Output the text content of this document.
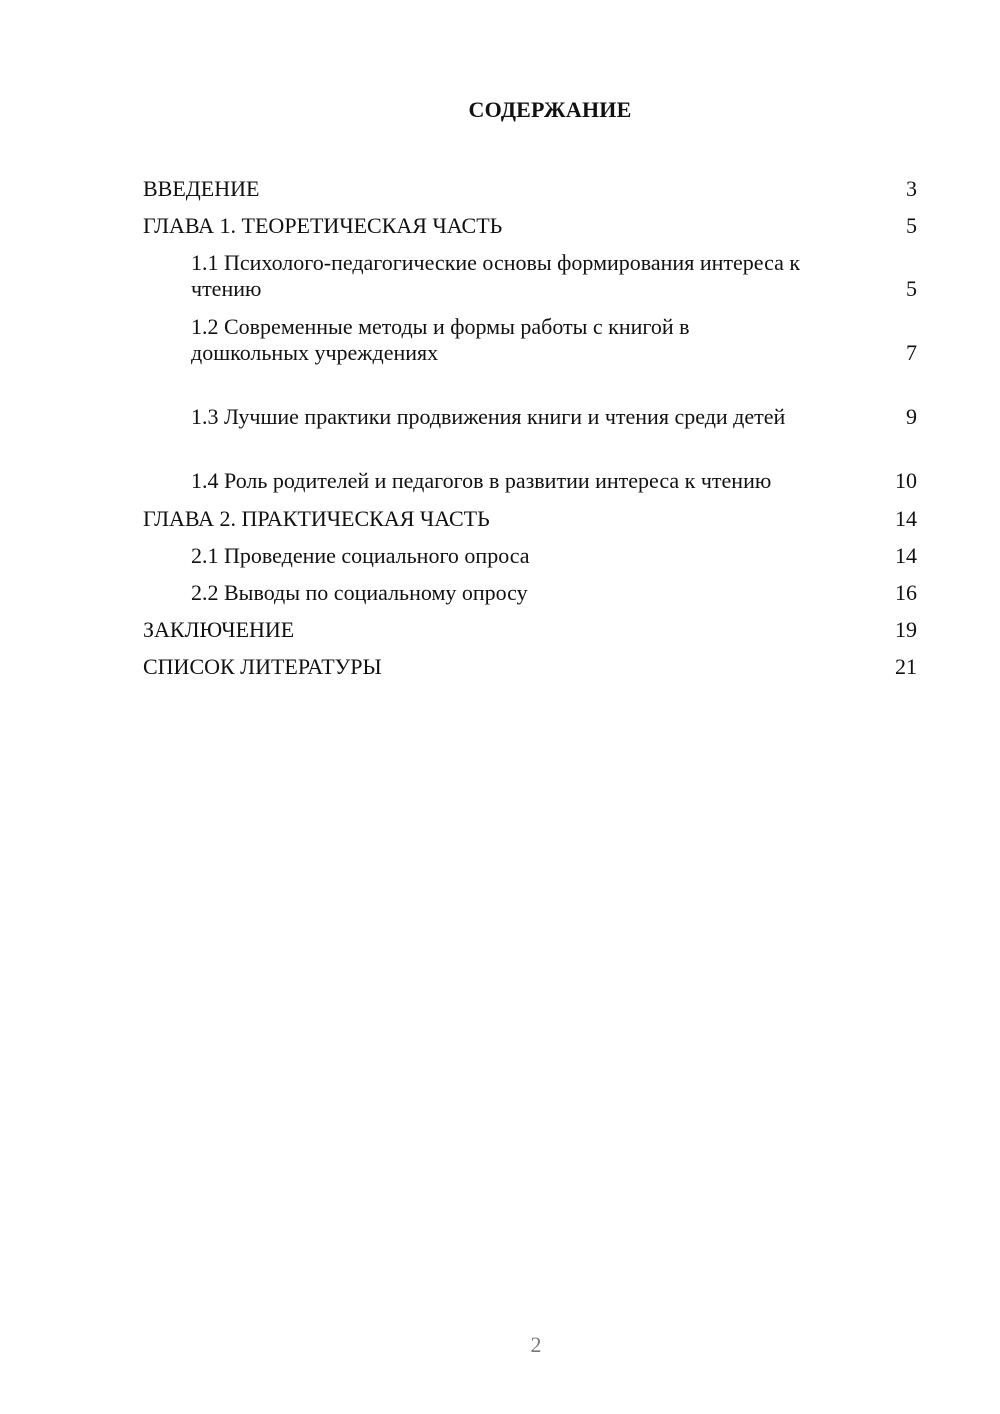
СОДЕРЖАНИЕ
ВВЕДЕНИЕ	3
ГЛАВА 1. ТЕОРЕТИЧЕСКАЯ ЧАСТЬ	5
1.1 Психолого-педагогические основы формирования интереса к чтению	5
1.2 Современные методы и формы работы с книгой в дошкольных учреждениях	7
1.3 Лучшие практики продвижения книги и чтения среди детей	9
1.4 Роль родителей и педагогов в развитии интереса к чтению	10
ГЛАВА 2. ПРАКТИЧЕСКАЯ ЧАСТЬ	14
2.1 Проведение социального опроса	14
2.2 Выводы по социальному опросу	16
ЗАКЛЮЧЕНИЕ	19
СПИСОК ЛИТЕРАТУРЫ	21
2
